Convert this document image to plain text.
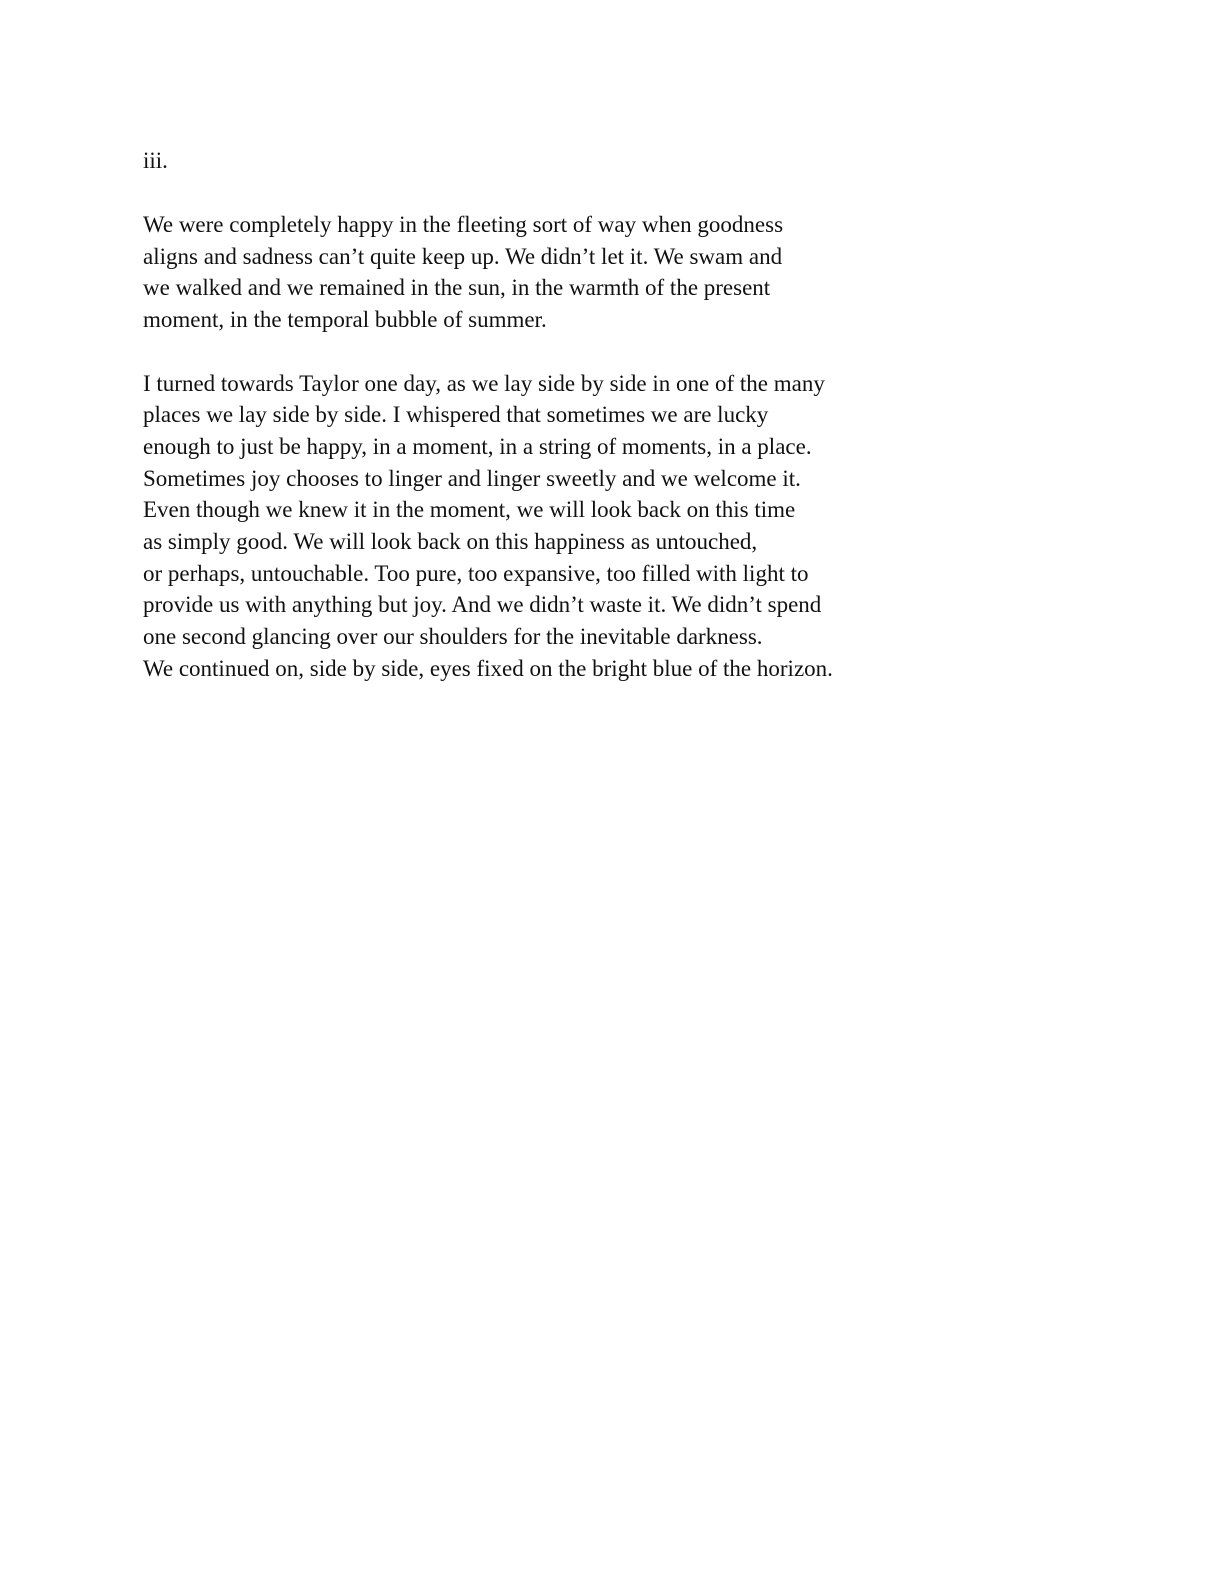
iii.
We were completely happy in the fleeting sort of way when goodness
aligns and sadness can’t quite keep up. We didn’t let it. We swam and
we walked and we remained in the sun, in the warmth of the present
moment, in the temporal bubble of summer.
I turned towards Taylor one day, as we lay side by side in one of the many
places we lay side by side. I whispered that sometimes we are lucky
enough to just be happy, in a moment, in a string of moments, in a place.
Sometimes joy chooses to linger and linger sweetly and we welcome it.
Even though we knew it in the moment, we will look back on this time
as simply good. We will look back on this happiness as untouched,
or perhaps, untouchable. Too pure, too expansive, too filled with light to
provide us with anything but joy. And we didn’t waste it. We didn’t spend
one second glancing over our shoulders for the inevitable darkness.
We continued on, side by side, eyes fixed on the bright blue of the horizon.
